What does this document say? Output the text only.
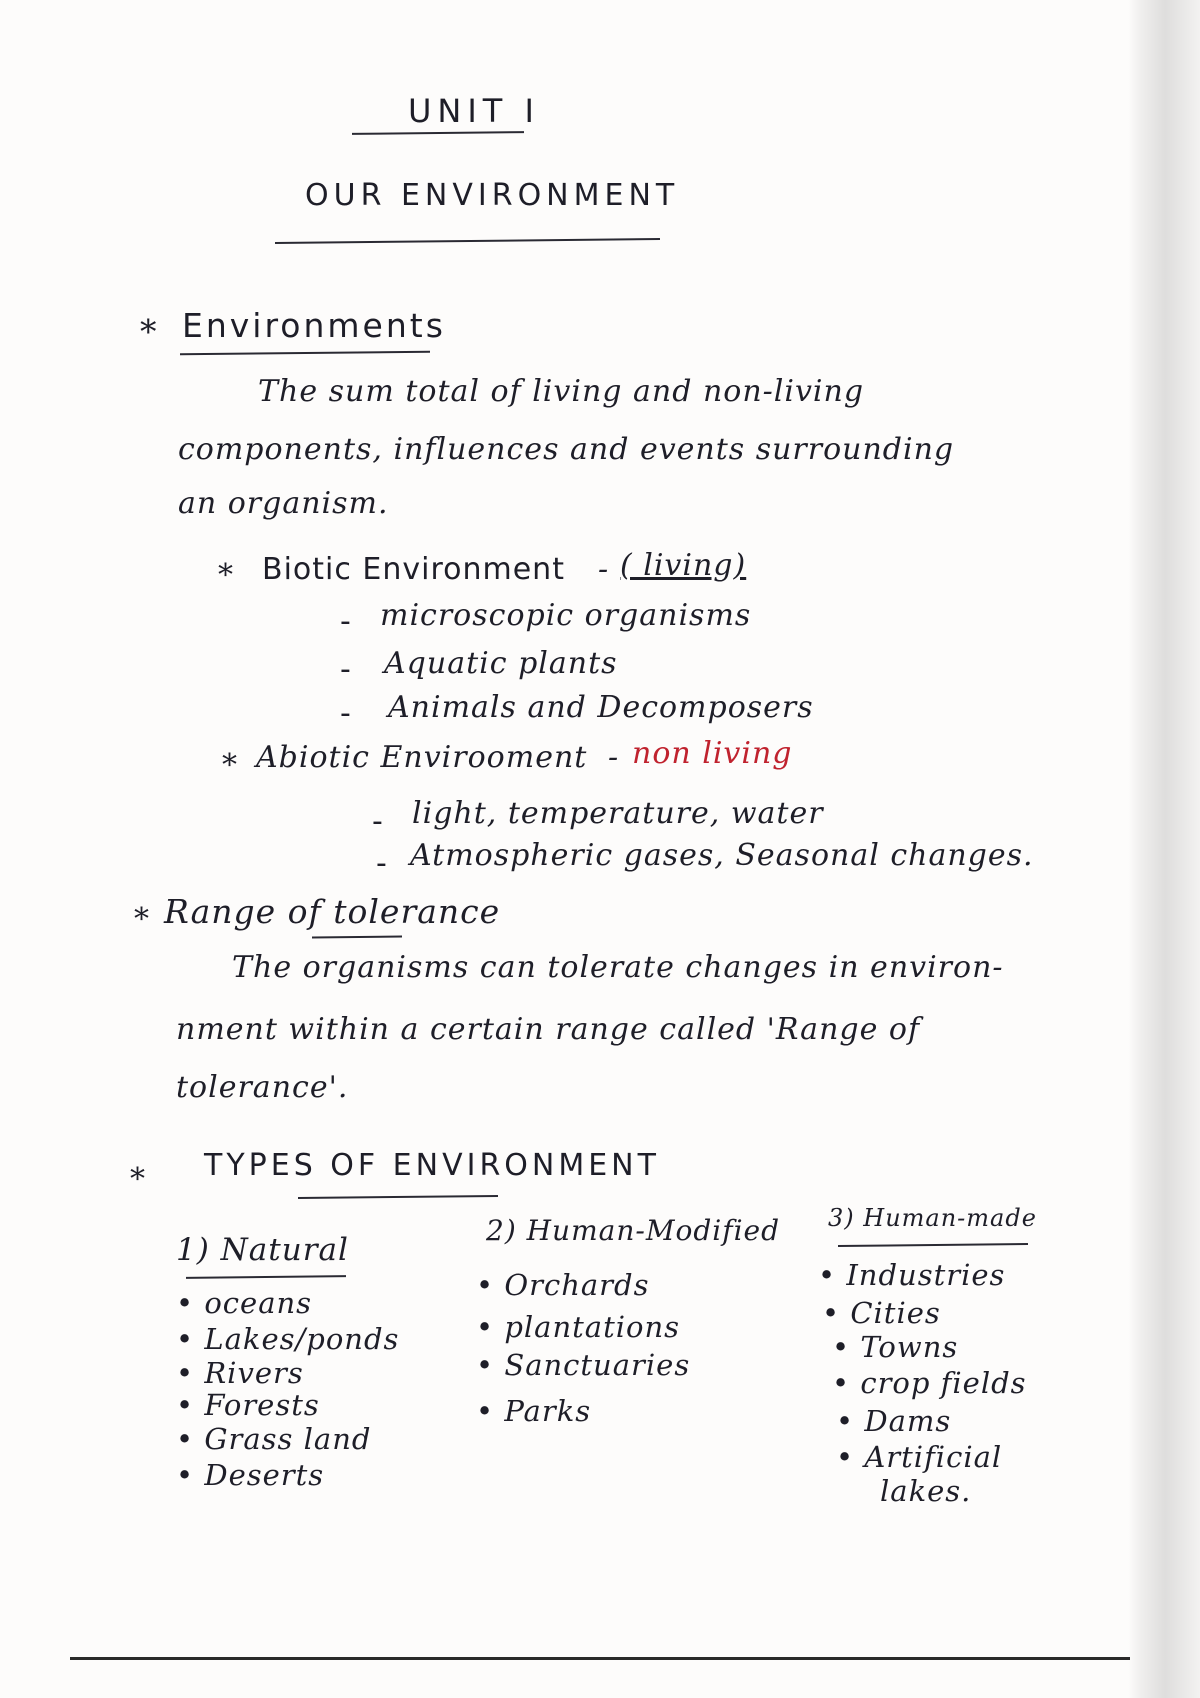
UNIT I
OUR ENVIRONMENT
* Environments
The sum total of living and non-living
components, influences and events surrounding
an organism.
* Biotic Environment - ( living)
- microscopic organisms
- Aquatic plants
- Animals and Decomposers
* Abiotic Envirooment - non living
- light, temperature, water
- Atmospheric gases, Seasonal changes.
* Range of tolerance
The organisms can tolerate changes in environ-
nment within a certain range called 'Range of
tolerance'.
* TYPES OF ENVIRONMENT
1) Natural
• oceans
• Lakes/ponds
• Rivers
• Forests
• Grass land
• Deserts
2) Human-Modified
• Orchards
• plantations
• Sanctuaries
• Parks
3) Human-made
• Industries
• Cities
• Towns
• crop fields
• Dams
• Artificial
lakes.
